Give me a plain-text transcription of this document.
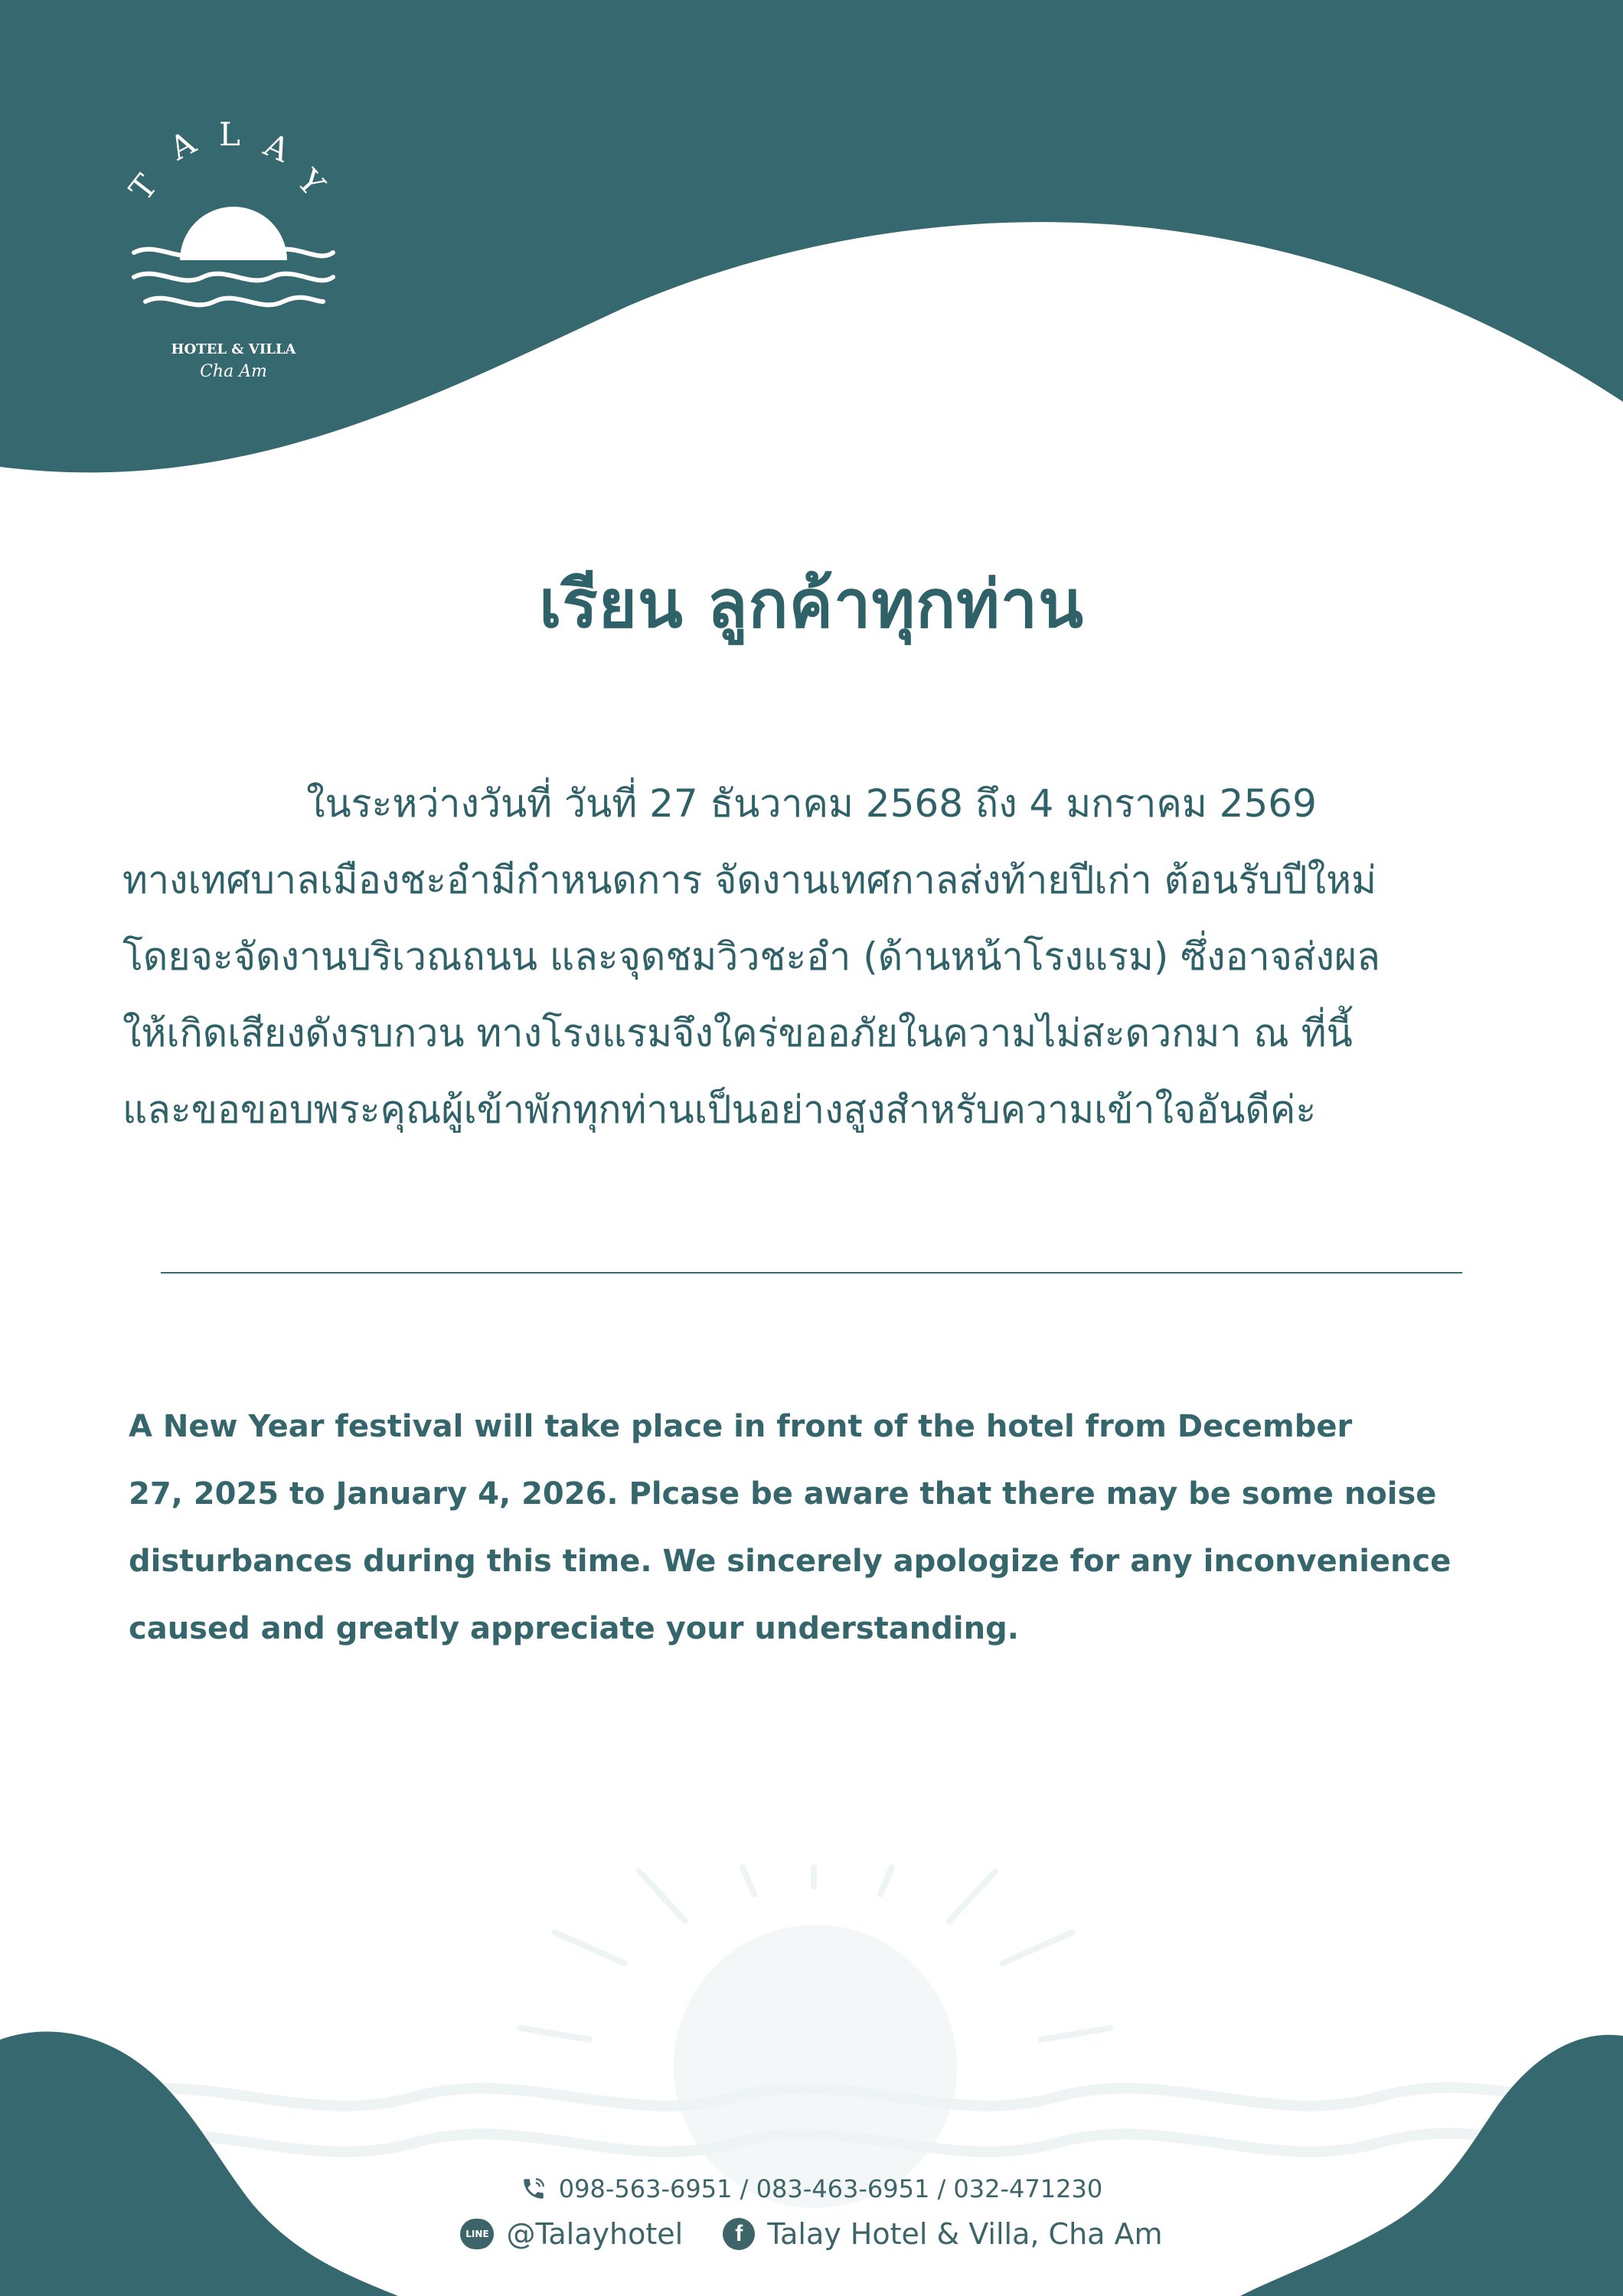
T
A L A
Y
HOTEL & VILLA
Cha Am
เรียน ลูกค้าทุกท่าน
ในระหว่างวันที่ วันที่ 27 ธันวาคม 2568 ถึง 4 มกราคม 2569
ทางเทศบาลเมืองชะอำมีกำหนดการ จัดงานเทศกาลส่งท้ายปีเก่า ต้อนรับปีใหม่
โดยจะจัดงานบริเวณถนน และจุดชมวิวชะอำ (ด้านหน้าโรงแรม) ซึ่งอาจส่งผล
ให้เกิดเสียงดังรบกวน ทางโรงแรมจึงใคร่ขออภัยในความไม่สะดวกมา ณ ที่นี้
และขอขอบพระคุณผู้เข้าพักทุกท่านเป็นอย่างสูงสำหรับความเข้าใจอันดีค่ะ
A New Year festival will take place in front of the hotel from December
27, 2025 to January 4, 2026. Plcase be aware that there may be some noise
disturbances during this time. We sincerely apologize for any inconvenience
caused and greatly appreciate your understanding.
098-563-6951 / 083-463-6951 / 032-471230
LINE @Talayhotel	f Talay Hotel & Villa, Cha Am
